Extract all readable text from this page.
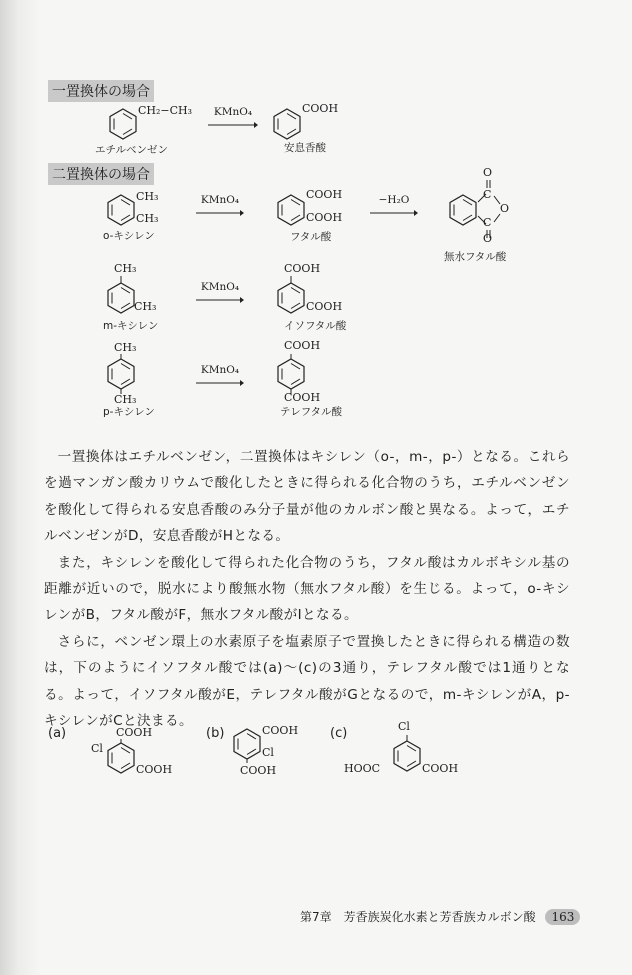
一置換体の場合
CH₂−CH₃
エチルベンゼン
KMnO₄	COOH
安息香酸
二置換体の場合
CH₃
CH₃
o-キシレン
KMnO₄	COOH
COOH
フタル酸
−H₂O
O
C
O
C
O
無水フタル酸
CH₃
CH₃
m-キシレン
KMnO₄
COOH
COOH
イソフタル酸
CH₃
CH₃
p-キシレン
KMnO₄
COOH
COOH
テレフタル酸

一置換体はエチルベンゼン，二置換体はキシレン（o-，m-，p-）となる。これらを過マンガン酸カリウムで酸化したときに得られる化合物のうち，エチルベンゼンを酸化して得られる安息香酸のみ分子量が他のカルボン酸と異なる。よって，エチルベンゼンがD，安息香酸がHとなる。

また，キシレンを酸化して得られた化合物のうち，フタル酸はカルボキシル基の距離が近いので，脱水により酸無水物（無水フタル酸）を生じる。よって，o-キシレンがB，フタル酸がF，無水フタル酸がIとなる。

さらに，ベンゼン環上の水素原子を塩素原子で置換したときに得られる構造の数は，下のようにイソフタル酸では(a)〜(c)の3通り，テレフタル酸では1通りとなる。よって，イソフタル酸がE，テレフタル酸がGとなるので，m-キシレンがA，p-キシレンがCと決まる。

(a)	COOH
Cl
COOH
(b)	COOH
Cl
COOH
(c)	Cl
HOOC	COOH
第7章　芳香族炭化水素と芳香族カルボン酸 163
